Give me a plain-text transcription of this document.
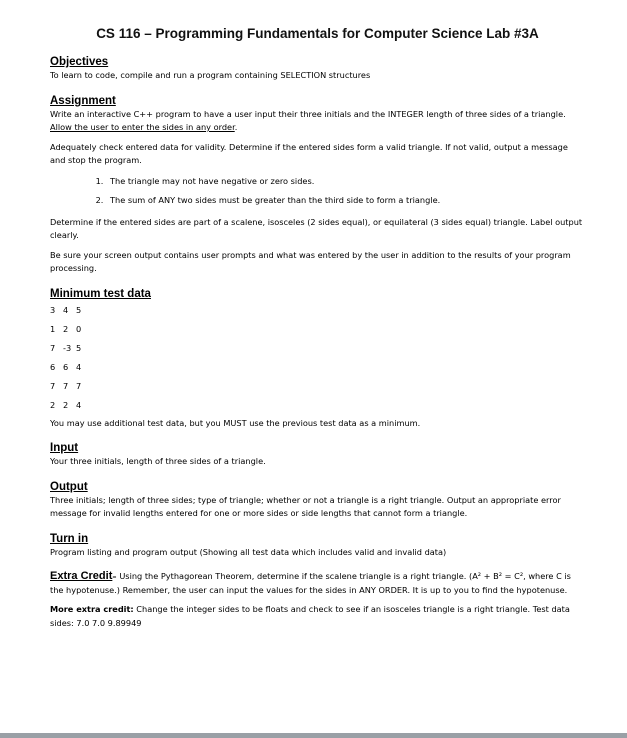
CS 116 – Programming Fundamentals for Computer Science Lab #3A
Objectives

To learn to code, compile and run a program containing SELECTION structures

Assignment

Write an interactive C++ program to have a user input their three initials and the INTEGER length of three sides of a triangle. Allow the user to enter the sides in any order.

Adequately check entered data for validity. Determine if the entered sides form a valid triangle. If not valid, output a message and stop the program.

1. The triangle may not have negative or zero sides.
2. The sum of ANY two sides must be greater than the third side to form a triangle.

Determine if the entered sides are part of a scalene, isosceles (2 sides equal), or equilateral (3 sides equal) triangle. Label output clearly.

Be sure your screen output contains user prompts and what was entered by the user in addition to the results of your program processing.

Minimum test data
3 4 5
1 2 0
7 -3 5
6 6 4
7 7 7
2 2 4

You may use additional test data, but you MUST use the previous test data as a minimum.

Input

Your three initials, length of three sides of a triangle.

Output

Three initials; length of three sides; type of triangle; whether or not a triangle is a right triangle. Output an appropriate error message for invalid lengths entered for one or more sides or side lengths that cannot form a triangle.

Turn in

Program listing and program output (Showing all test data which includes valid and invalid data)

Extra Credit– Using the Pythagorean Theorem, determine if the scalene triangle is a right triangle. (A² + B² = C², where C is the hypotenuse.) Remember, the user can input the values for the sides in ANY ORDER. It is up to you to find the hypotenuse.

More extra credit: Change the integer sides to be floats and check to see if an isosceles triangle is a right triangle. Test data sides: 7.0 7.0 9.89949
